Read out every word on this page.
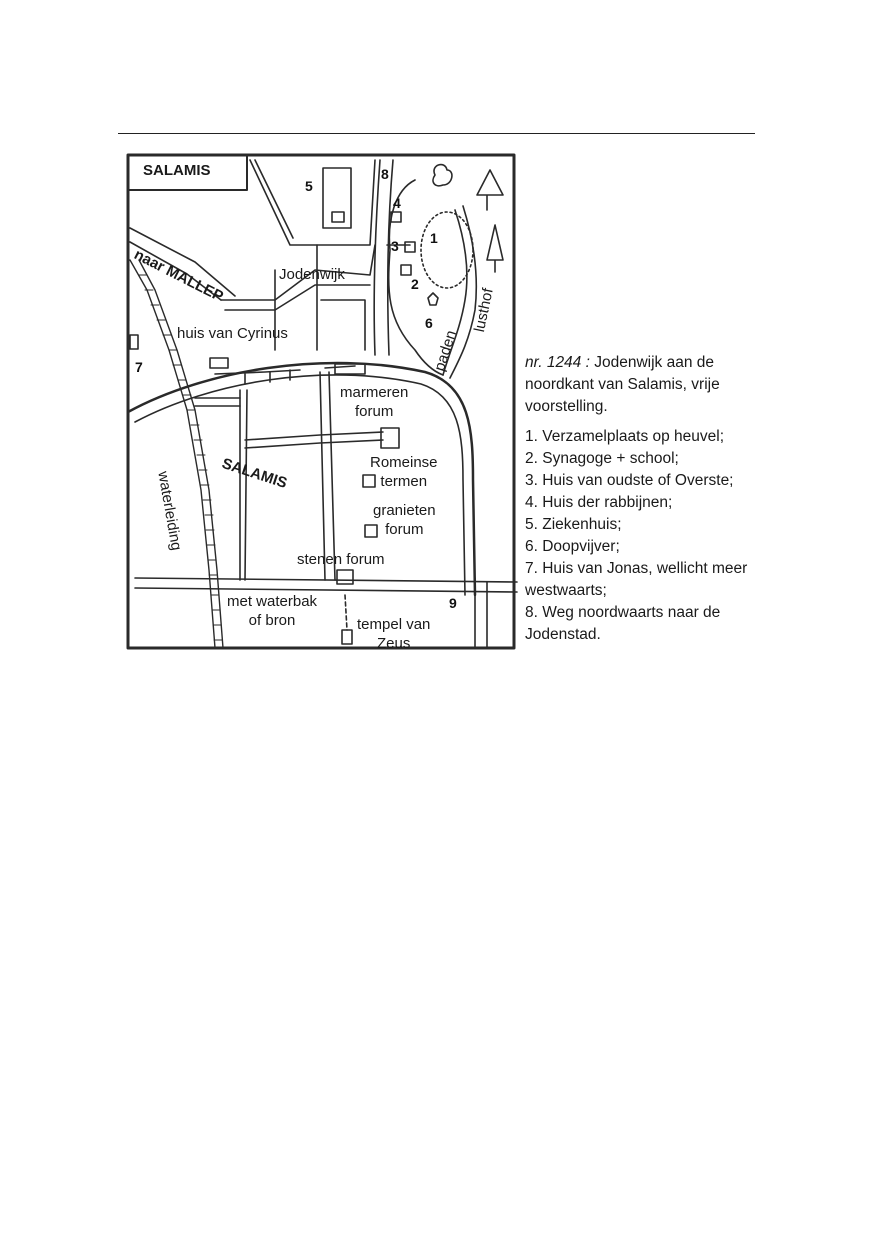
SALAMIS
naar MALLEP	Jodenwijk
huis van Cyrinus
SALAMIS
marmeren
forum
Romeinse
termen
granieten
forum
stenen forum
met waterbak
of bron	tempel van
Zeus
waterleiding
paden
lusthof
1
2
3
4
5
6
7
8
9

nr. 1244 : Jodenwijk aan de noordkant van Salamis, vrije voorstelling.

1. Verzamelplaats op heuvel;
2. Synagoge + school;
3. Huis van oudste of Overste;
4. Huis der rabbijnen;
5. Ziekenhuis;
6. Doopvijver;
7. Huis van Jonas, wellicht meer westwaarts;
8. Weg noordwaarts naar de Jodenstad.
